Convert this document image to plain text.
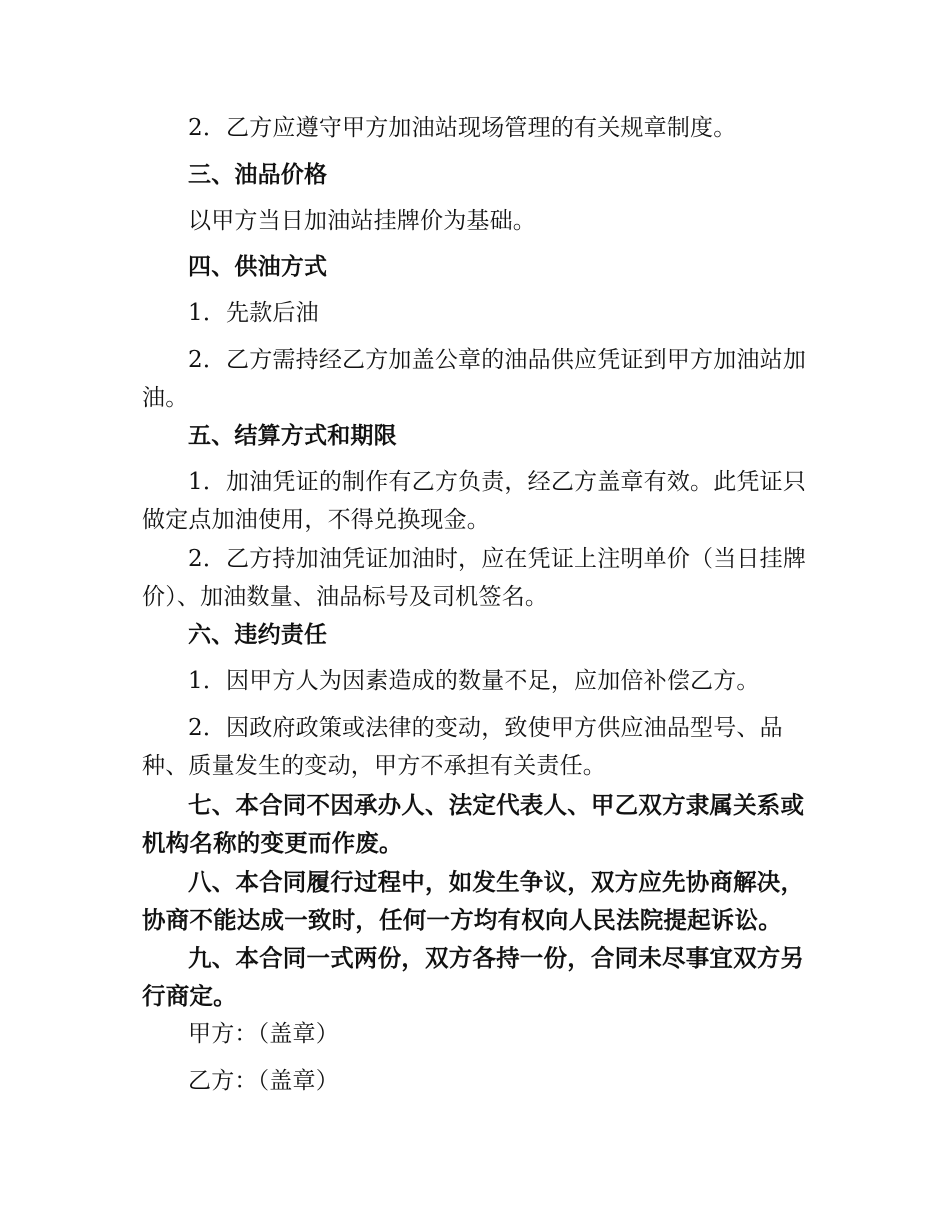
2．乙方应遵守甲方加油站现场管理的有关规章制度。

三、油品价格

以甲方当日加油站挂牌价为基础。

四、供油方式

1．先款后油

2．乙方需持经乙方加盖公章的油品供应凭证到甲方加油站加油。

五、结算方式和期限

1．加油凭证的制作有乙方负责，经乙方盖章有效。此凭证只做定点加油使用，不得兑换现金。

2．乙方持加油凭证加油时，应在凭证上注明单价（当日挂牌价）、加油数量、油品标号及司机签名。

六、违约责任

1．因甲方人为因素造成的数量不足，应加倍补偿乙方。

2．因政府政策或法律的变动，致使甲方供应油品型号、品种、质量发生的变动，甲方不承担有关责任。

七、本合同不因承办人、法定代表人、甲乙双方隶属关系或机构名称的变更而作废。

八、本合同履行过程中，如发生争议，双方应先协商解决，协商不能达成一致时，任何一方均有权向人民法院提起诉讼。

九、本合同一式两份，双方各持一份，合同未尽事宜双方另行商定。

甲方：（盖章）

乙方：（盖章）
